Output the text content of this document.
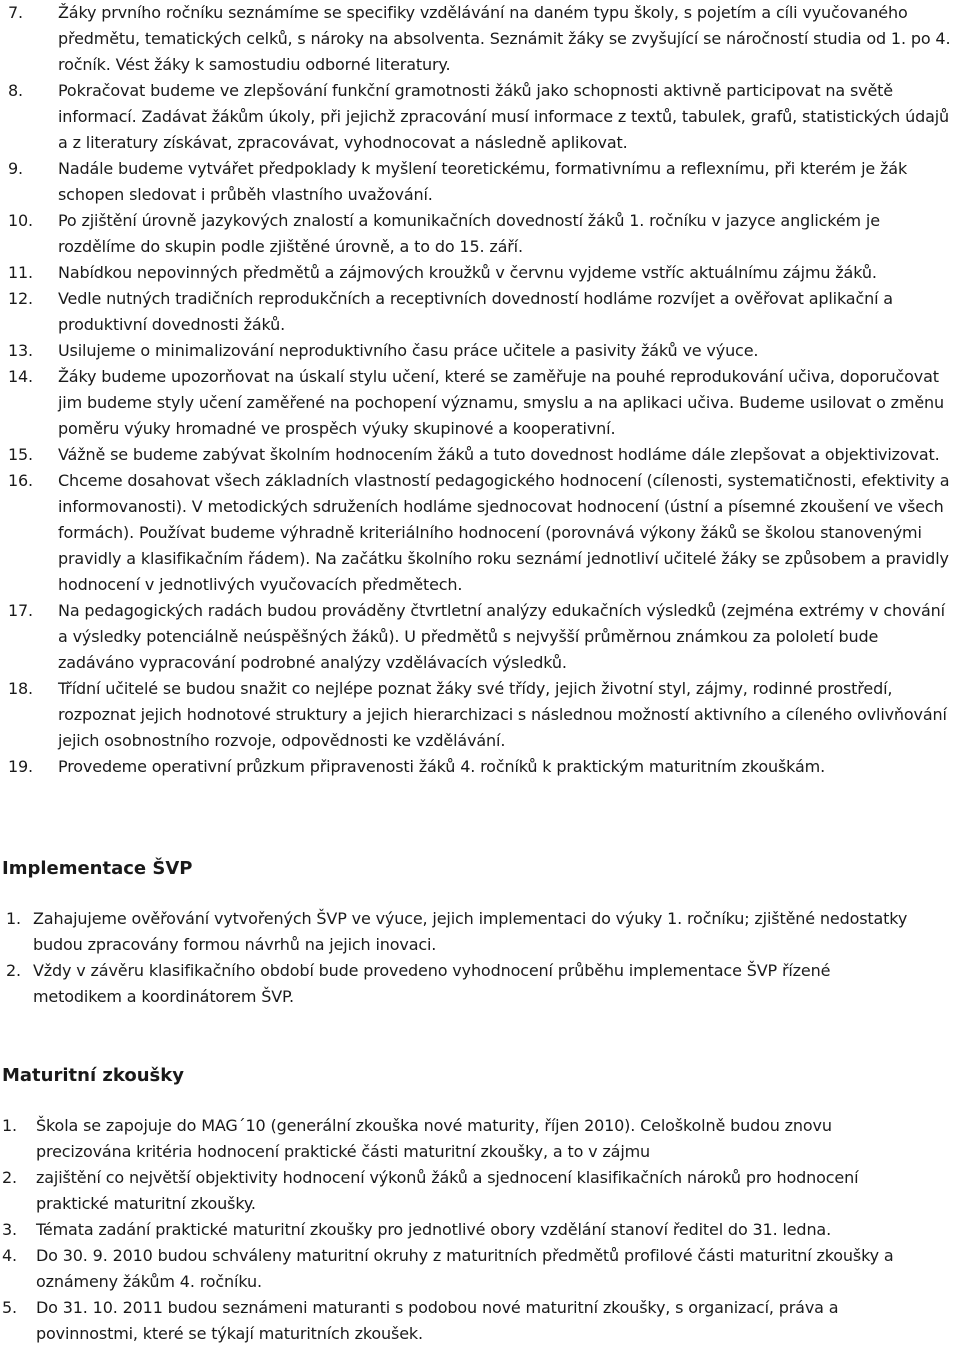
7.	Žáky prvního ročníku seznámíme se specifiky vzdělávání na daném typu školy, s pojetím a cíli vyučovaného předmětu, tematických celků, s nároky na absolventa. Seznámit žáky se zvyšující se náročností studia od 1. po 4. ročník. Vést žáky k samostudiu odborné literatury.
8.	Pokračovat budeme ve zlepšování funkční gramotnosti žáků jako schopnosti aktivně participovat na světě informací. Zadávat žákům úkoly, při jejichž zpracování musí informace z textů, tabulek, grafů, statistických údajů a z literatury získávat, zpracovávat, vyhodnocovat a následně aplikovat.
9.	Nadále budeme vytvářet předpoklady k myšlení teoretickému, formativnímu a reflexnímu, při kterém je žák schopen sledovat i průběh vlastního uvažování.
10.	Po zjištění úrovně jazykových znalostí a komunikačních dovedností žáků 1. ročníku v jazyce anglickém je rozdělíme do skupin podle zjištěné úrovně, a to do 15. září.
11.	Nabídkou nepovinných předmětů a zájmových kroužků v červnu vyjdeme vstříc aktuálnímu zájmu žáků.
12.	Vedle nutných tradičních reprodukčních a receptivních dovedností hodláme rozvíjet a ověřovat aplikační a produktivní dovednosti žáků.
13.	Usilujeme o minimalizování neproduktivního času práce učitele a pasivity žáků ve výuce.
14.	Žáky budeme upozorňovat na úskalí stylu učení, které se zaměřuje na pouhé reprodukování učiva, doporučovat jim budeme styly učení zaměřené na pochopení významu, smyslu a na aplikaci učiva. Budeme usilovat o změnu poměru výuky hromadné ve prospěch výuky skupinové a kooperativní.
15.	Vážně se budeme zabývat školním hodnocením žáků a tuto dovednost hodláme dále zlepšovat a objektivizovat.
16.	Chceme dosahovat všech základních vlastností pedagogického hodnocení (cílenosti, systematičnosti, efektivity a informovanosti). V metodických sdruženích hodláme sjednocovat hodnocení (ústní a písemné zkoušení ve všech formách). Používat budeme výhradně kriteriálního hodnocení (porovnává výkony žáků se školou stanovenými pravidly a klasifikačním řádem). Na začátku školního roku seznámí jednotliví učitelé žáky se způsobem a pravidly hodnocení v jednotlivých vyučovacích předmětech.
17.	Na pedagogických radách budou prováděny čtvrtletní analýzy edukačních výsledků (zejména extrémy v chování a výsledky potenciálně neúspěšných žáků). U předmětů s nejvyšší průměrnou známkou za pololetí bude zadáváno vypracování podrobné analýzy vzdělávacích výsledků.
18.	Třídní učitelé se budou snažit co nejlépe poznat žáky své třídy, jejich životní styl, zájmy, rodinné prostředí, rozpoznat jejich hodnotové struktury a jejich hierarchizaci s následnou možností aktivního a cíleného ovlivňování jejich osobnostního rozvoje, odpovědnosti ke vzdělávání.
19.	Provedeme operativní průzkum připravenosti žáků 4. ročníků k praktickým maturitním zkouškám.
Implementace ŠVP
1. Zahajujeme ověřování vytvořených ŠVP ve výuce, jejich implementaci do výuky 1. ročníku; zjištěné nedostatky budou zpracovány formou návrhů na jejich inovaci.
2. Vždy v závěru klasifikačního období bude provedeno vyhodnocení průběhu implementace ŠVP řízené metodikem a koordinátorem ŠVP.
Maturitní zkoušky
1.	Škola se zapojuje do MAG´10 (generální zkouška nové maturity, říjen 2010). Celoškolně budou znovu precizována kritéria hodnocení praktické části maturitní zkoušky, a to v zájmu
2.	zajištění co největší objektivity hodnocení výkonů žáků a sjednocení klasifikačních nároků pro hodnocení praktické maturitní zkoušky.
3.	Témata zadání praktické maturitní zkoušky pro jednotlivé obory vzdělání stanoví ředitel do 31. ledna.
4.	Do 30. 9. 2010 budou schváleny maturitní okruhy z maturitních předmětů profilové části maturitní zkoušky a oznámeny žákům 4. ročníku.
5.	Do 31. 10. 2011 budou seznámeni maturanti s podobou nové maturitní zkoušky, s organizací, práva a povinnostmi, které se týkají maturitních zkoušek.
